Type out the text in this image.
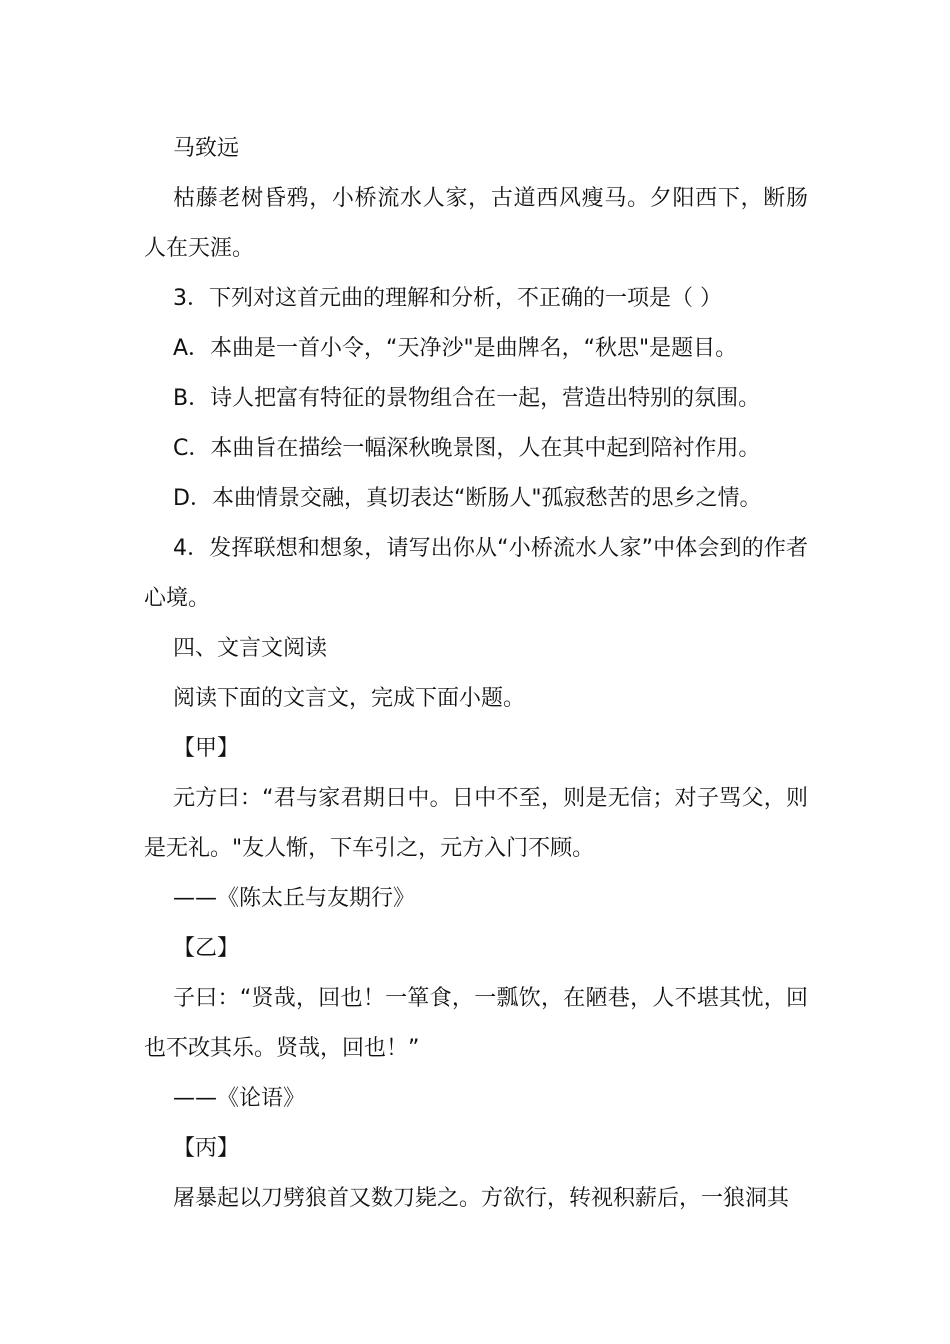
马致远

枯藤老树昏鸦，小桥流水人家，古道西风瘦马。夕阳西下，断肠人在天涯。

3．下列对这首元曲的理解和分析，不正确的一项是（ ）

A．本曲是一首小令，“天净沙"是曲牌名，“秋思"是题目。

B．诗人把富有特征的景物组合在一起，营造出特别的氛围。

C．本曲旨在描绘一幅深秋晚景图，人在其中起到陪衬作用。

D．本曲情景交融，真切表达“断肠人"孤寂愁苦的思乡之情。

4．发挥联想和想象，请写出你从“小桥流水人家”中体会到的作者心境。

四、文言文阅读

阅读下面的文言文，完成下面小题。

【甲】

元方曰：“君与家君期日中。日中不至，则是无信；对子骂父，则是无礼。"友人惭，下车引之，元方入门不顾。

——《陈太丘与友期行》

【乙】

子曰：“贤哉，回也！一箪食，一瓢饮，在陋巷，人不堪其忧，回也不改其乐。贤哉，回也！”

——《论语》

【丙】

屠暴起以刀劈狼首又数刀毙之。方欲行，转视积薪后，一狼洞其
